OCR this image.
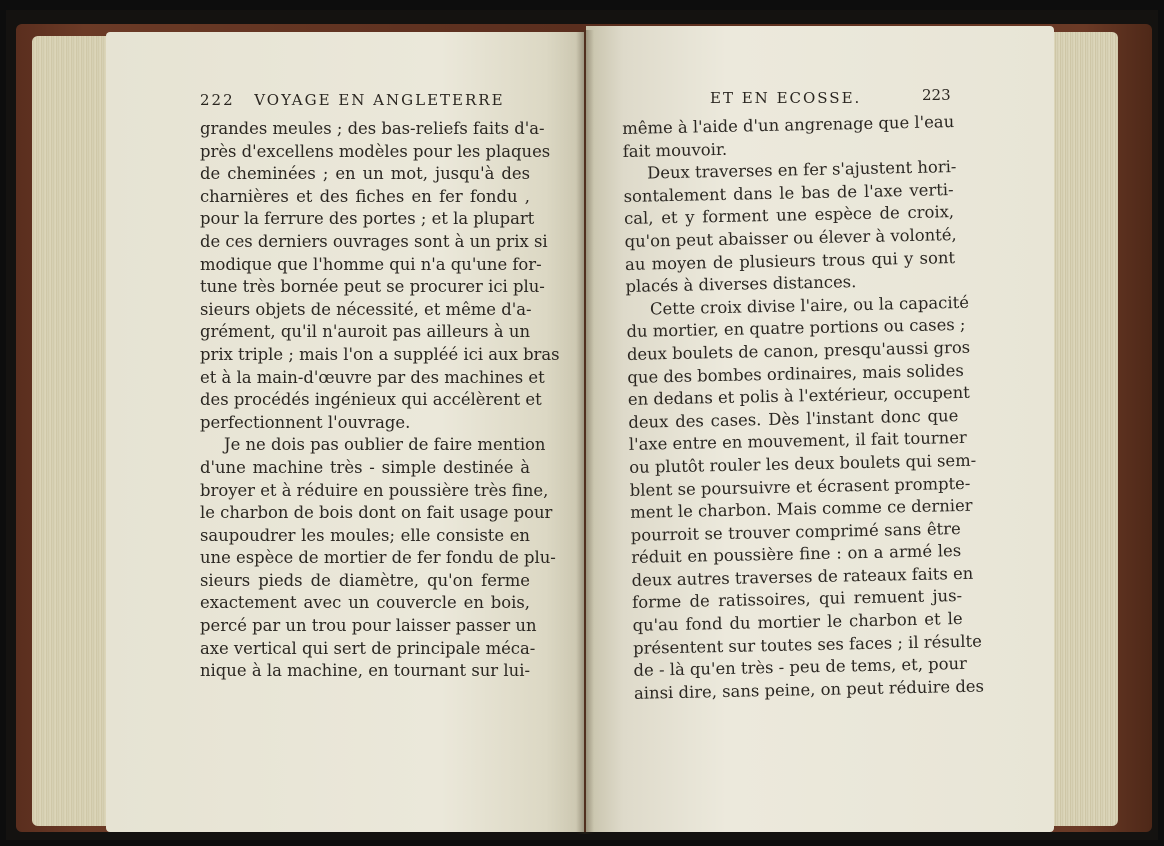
222 VOYAGE EN ANGLETERRE	ET EN ECOSSE.	223
grandes meules ; des bas-reliefs faits d'a-
près d'excellens modèles pour les plaques
de cheminées ; en un mot, jusqu'à des
charnières et des fiches en fer fondu ,
pour la ferrure des portes ; et la plupart
de ces derniers ouvrages sont à un prix si
modique que l'homme qui n'a qu'une for-
tune très bornée peut se procurer ici plu-
sieurs objets de nécessité, et même d'a-
grément, qu'il n'auroit pas ailleurs à un
prix triple ; mais l'on a suppléé ici aux bras
et à la main-d'œuvre par des machines et
des procédés ingénieux qui accélèrent et
perfectionnent l'ouvrage.
Je ne dois pas oublier de faire mention
d'une machine très - simple destinée à
broyer et à réduire en poussière très fine,
le charbon de bois dont on fait usage pour
saupoudrer les moules; elle consiste en
une espèce de mortier de fer fondu de plu-
sieurs pieds de diamètre, qu'on ferme
exactement avec un couvercle en bois,
percé par un trou pour laisser passer un
axe vertical qui sert de principale méca-
nique à la machine, en tournant sur lui-
même à l'aide d'un angrenage que l'eau
fait mouvoir.
Deux traverses en fer s'ajustent hori-
sontalement dans le bas de l'axe verti-
cal, et y forment une espèce de croix,
qu'on peut abaisser ou élever à volonté,
au moyen de plusieurs trous qui y sont
placés à diverses distances.
Cette croix divise l'aire, ou la capacité
du mortier, en quatre portions ou cases ;
deux boulets de canon, presqu'aussi gros
que des bombes ordinaires, mais solides
en dedans et polis à l'extérieur, occupent
deux des cases. Dès l'instant donc que
l'axe entre en mouvement, il fait tourner
ou plutôt rouler les deux boulets qui sem-
blent se poursuivre et écrasent prompte-
ment le charbon. Mais comme ce dernier
pourroit se trouver comprimé sans être
réduit en poussière fine : on a armé les
deux autres traverses de rateaux faits en
forme de ratissoires, qui remuent jus-
qu'au fond du mortier le charbon et le
présentent sur toutes ses faces ; il résulte
de - là qu'en très - peu de tems, et, pour
ainsi dire, sans peine, on peut réduire des
